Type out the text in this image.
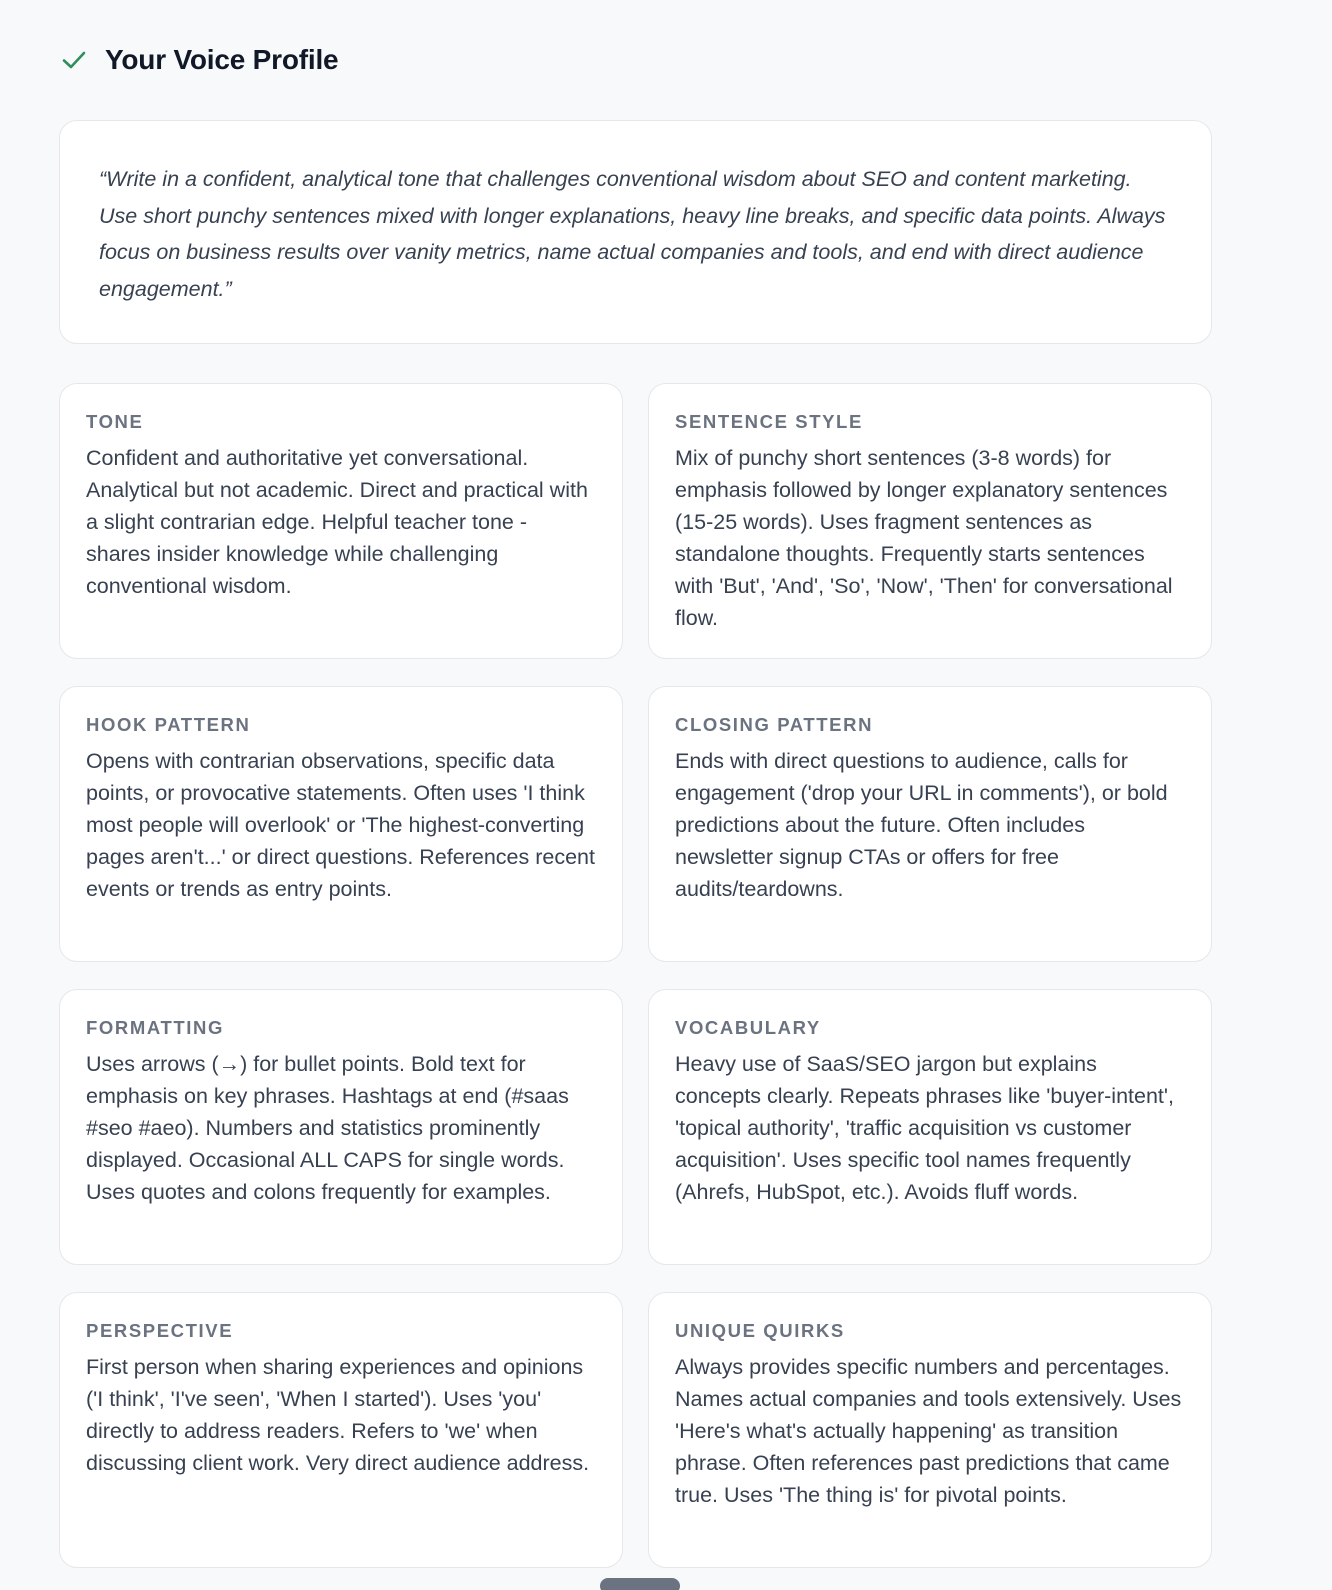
Your Voice Profile

“Write in a confident, analytical tone that challenges conventional wisdom about SEO and content marketing. Use short punchy sentences mixed with longer explanations, heavy line breaks, and specific data points. Always focus on business results over vanity metrics, name actual companies and tools, and end with direct audience engagement.”

TONE

Confident and authoritative yet conversational. Analytical but not academic. Direct and practical with a slight contrarian edge. Helpful teacher tone - shares insider knowledge while challenging conventional wisdom.

SENTENCE STYLE

Mix of punchy short sentences (3-8 words) for emphasis followed by longer explanatory sentences (15-25 words). Uses fragment sentences as standalone thoughts. Frequently starts sentences with 'But', 'And', 'So', 'Now', 'Then' for conversational flow.

HOOK PATTERN

Opens with contrarian observations, specific data points, or provocative statements. Often uses 'I think most people will overlook' or 'The highest-converting pages aren't...' or direct questions. References recent events or trends as entry points.

CLOSING PATTERN

Ends with direct questions to audience, calls for engagement ('drop your URL in comments'), or bold predictions about the future. Often includes newsletter signup CTAs or offers for free audits/teardowns.

FORMATTING

Uses arrows (→) for bullet points. Bold text for emphasis on key phrases. Hashtags at end (#saas #seo #aeo). Numbers and statistics prominently displayed. Occasional ALL CAPS for single words. Uses quotes and colons frequently for examples.

VOCABULARY

Heavy use of SaaS/SEO jargon but explains concepts clearly. Repeats phrases like 'buyer-intent', 'topical authority', 'traffic acquisition vs customer acquisition'. Uses specific tool names frequently (Ahrefs, HubSpot, etc.). Avoids fluff words.

PERSPECTIVE

First person when sharing experiences and opinions ('I think', 'I've seen', 'When I started'). Uses 'you' directly to address readers. Refers to 'we' when discussing client work. Very direct audience address.

UNIQUE QUIRKS

Always provides specific numbers and percentages. Names actual companies and tools extensively. Uses 'Here's what's actually happening' as transition phrase. Often references past predictions that came true. Uses 'The thing is' for pivotal points.
